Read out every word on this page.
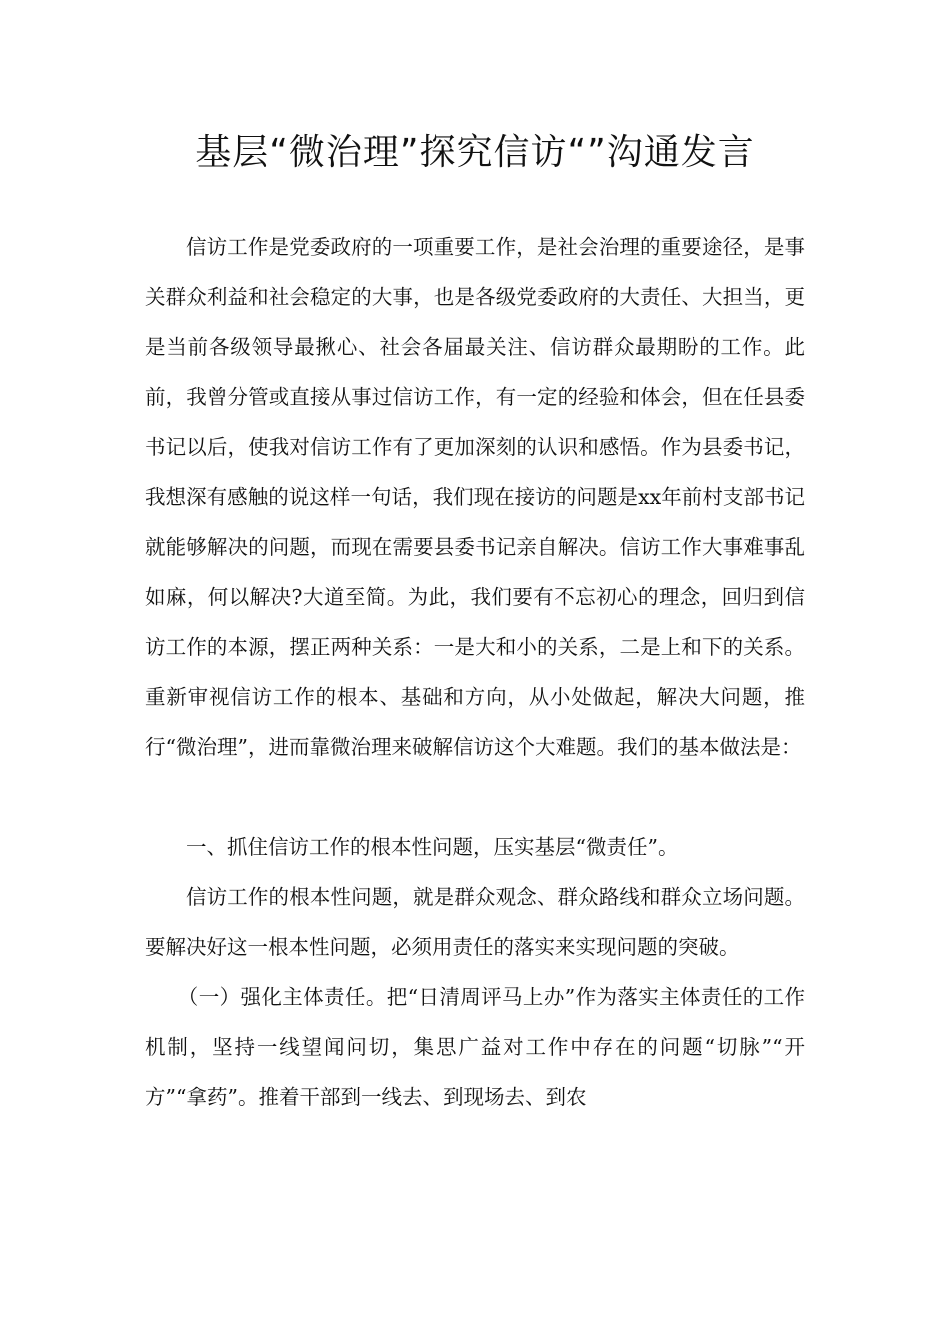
基层“微治理”探究信访“”沟通发言

信访工作是党委政府的一项重要工作，是社会治理的重要途径，是事关群众利益和社会稳定的大事，也是各级党委政府的大责任、大担当，更是当前各级领导最揪心、社会各届最关注、信访群众最期盼的工作。此前，我曾分管或直接从事过信访工作，有一定的经验和体会，但在任县委书记以后，使我对信访工作有了更加深刻的认识和感悟。作为县委书记，我想深有感触的说这样一句话，我们现在接访的问题是xx年前村支部书记就能够解决的问题，而现在需要县委书记亲自解决。信访工作大事难事乱如麻，何以解决?大道至简。为此，我们要有不忘初心的理念，回归到信访工作的本源，摆正两种关系：一是大和小的关系，二是上和下的关系。重新审视信访工作的根本、基础和方向，从小处做起，解决大问题，推行“微治理”，进而靠微治理来破解信访这个大难题。我们的基本做法是：

一、抓住信访工作的根本性问题，压实基层“微责任”。

信访工作的根本性问题，就是群众观念、群众路线和群众立场问题。要解决好这一根本性问题，必须用责任的落实来实现问题的突破。

（一）强化主体责任。把“日清周评马上办”作为落实主体责任的工作机制，坚持一线望闻问切，集思广益对工作中存在的问题“切脉”“开方”“拿药”。推着干部到一线去、到现场去、到农
